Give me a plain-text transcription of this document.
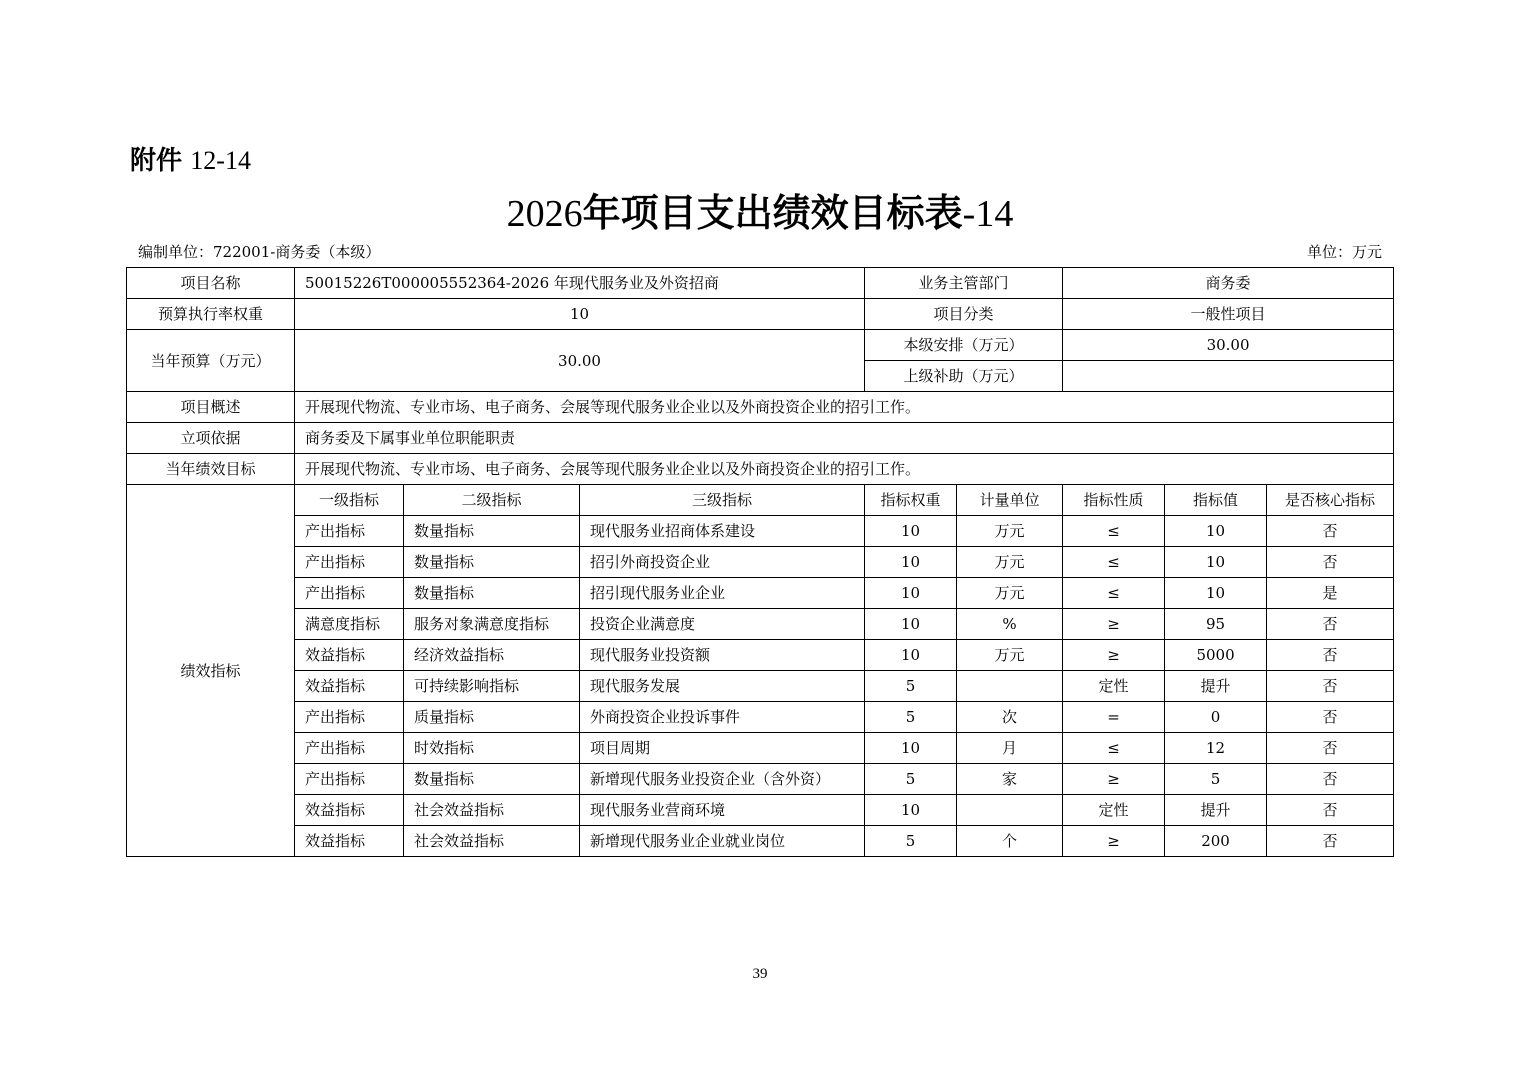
附件 12-14
2026年项目支出绩效目标表-14
编制单位：722001-商务委（本级）	单位：万元
项目名称	50015226T000005552364-2026 年现代服务业及外资招商			业务主管部门		商务委		
预算执行率权重	10			项目分类		一般性项目		
当年预算（万元）	30.00			本级安排（万元）		30.00		
				上级补助（万元）				
项目概述	开展现代物流、专业市场、电子商务、会展等现代服务业企业以及外商投资企业的招引工作。							
立项依据	商务委及下属事业单位职能职责							
当年绩效目标	开展现代物流、专业市场、电子商务、会展等现代服务业企业以及外商投资企业的招引工作。							
绩效指标	一级指标	二级指标	三级指标	指标权重	计量单位	指标性质	指标值	是否核心指标
	产出指标	数量指标	现代服务业招商体系建设	10	万元	≤	10	否
	产出指标	数量指标	招引外商投资企业	10	万元	≤	10	否
	产出指标	数量指标	招引现代服务业企业	10	万元	≤	10	是
	满意度指标	服务对象满意度指标	投资企业满意度	10	%	≥	95	否
	效益指标	经济效益指标	现代服务业投资额	10	万元	≥	5000	否
	效益指标	可持续影响指标	现代服务发展	5		定性	提升	否
	产出指标	质量指标	外商投资企业投诉事件	5	次	=	0	否
	产出指标	时效指标	项目周期	10	月	≤	12	否
	产出指标	数量指标	新增现代服务业投资企业（含外资）	5	家	≥	5	否
	效益指标	社会效益指标	现代服务业营商环境	10		定性	提升	否
	效益指标	社会效益指标	新增现代服务业企业就业岗位	5	个	≥	200	否
39
